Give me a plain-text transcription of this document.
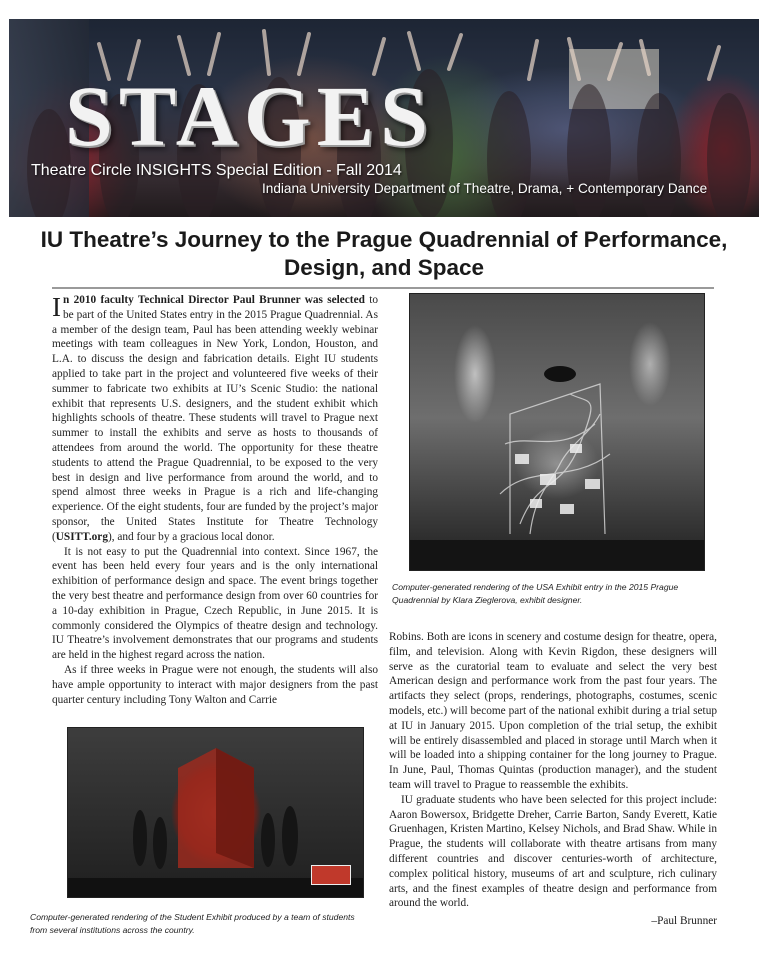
STAGES
Theatre Circle INSIGHTS Special Edition - Fall 2014
Indiana University Department of Theatre, Drama, + Contemporary Dance
IU Theatre’s Journey to the Prague Quadrennial of Performance, Design, and Space

In 2010 faculty Technical Director Paul Brunner was selected to be part of the United States entry in the 2015 Prague Quadrennial. As a member of the design team, Paul has been attending weekly webinar meetings with team colleagues in New York, London, Houston, and L.A. to discuss the design and fabrication details. Eight IU students applied to take part in the project and volunteered five weeks of their summer to fabricate two exhibits at IU’s Scenic Studio: the national exhibit that represents U.S. designers, and the student exhibit which highlights schools of theatre. These students will travel to Prague next summer to install the exhibits and serve as hosts to thousands of attendees from around the world. The opportunity for these theatre students to attend the Prague Quadrennial, to be exposed to the very best in design and live performance from around the world, and to spend almost three weeks in Prague is a rich and life-changing experience. Of the eight students, four are funded by the project’s major sponsor, the United States Institute for Theatre Technology (USITT.org), and four by a gracious local donor.

It is not easy to put the Quadrennial into context. Since 1967, the event has been held every four years and is the only international exhibition of performance design and space. The event brings together the very best theatre and performance design from over 60 countries for a 10-day exhibition in Prague, Czech Republic, in June 2015. It is commonly considered the Olympics of theatre design and technology. IU Theatre’s involvement demonstrates that our programs and students are held in the highest regard across the nation.

As if three weeks in Prague were not enough, the students will also have ample opportunity to interact with major designers from the past quarter century including Tony Walton and Carrie

Computer-generated rendering of the USA Exhibit entry in the 2015 Prague Quadrennial by Klara Zieglerova, exhibit designer.

Robins. Both are icons in scenery and costume design for theatre, opera, film, and television. Along with Kevin Rigdon, these designers will serve as the curatorial team to evaluate and select the very best American design and performance work from the past four years. The artifacts they select (props, renderings, photographs, costumes, scenic models, etc.) will become part of the national exhibit during a trial setup at IU in January 2015. Upon completion of the trial setup, the exhibit will be entirely disassembled and placed in storage until March when it will be loaded into a shipping container for the long journey to Prague. In June, Paul, Thomas Quintas (production manager), and the student team will travel to Prague to reassemble the exhibits.

IU graduate students who have been selected for this project include: Aaron Bowersox, Bridgette Dreher, Carrie Barton, Sandy Everett, Katie Gruenhagen, Kristen Martino, Kelsey Nichols, and Brad Shaw. While in Prague, the students will collaborate with theatre artisans from many different countries and discover centuries-worth of architecture, complex political history, museums of art and sculpture, rich culinary arts, and the finest examples of theatre design and performance from around the world.

–Paul Brunner

Computer-generated rendering of the Student Exhibit produced by a team of students from several institutions across the country.
